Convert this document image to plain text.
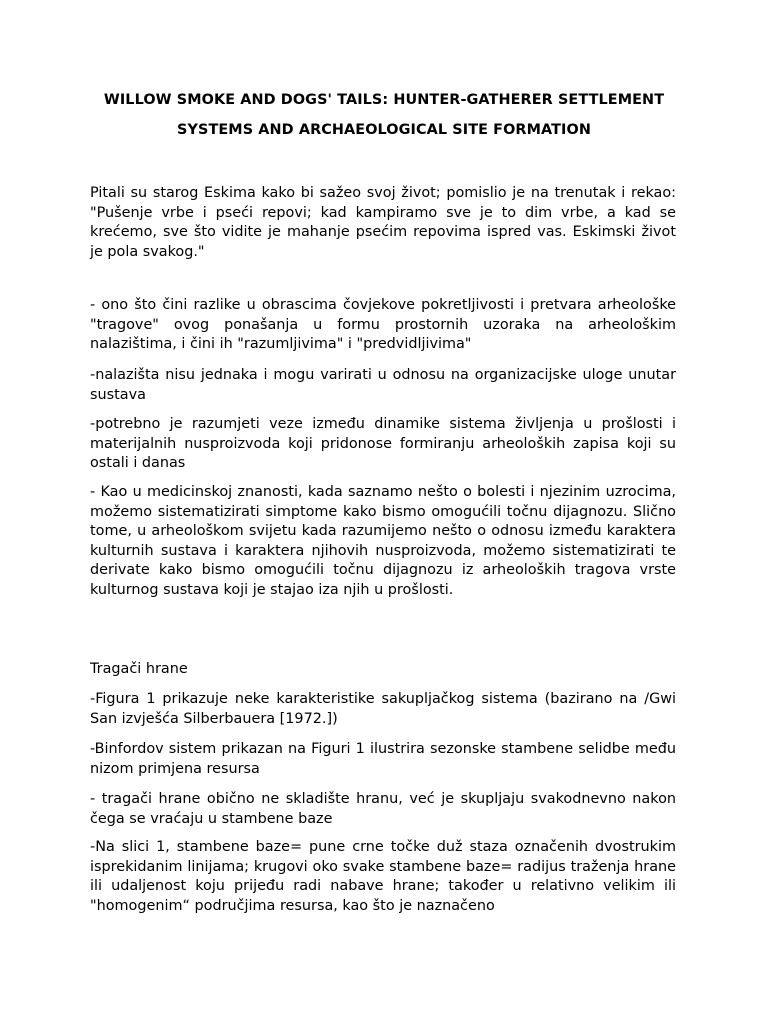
WILLOW SMOKE AND DOGS' TAILS: HUNTER-GATHERER SETTLEMENT
SYSTEMS AND ARCHAEOLOGICAL SITE FORMATION

Pitali su starog Eskima kako bi sažeo svoj život; pomislio je na trenutak i rekao: "Pušenje vrbe i pseći repovi; kad kampiramo sve je to dim vrbe, a kad se krećemo, sve što vidite je mahanje psećim repovima ispred vas. Eskimski život je pola svakog."

- ono što čini razlike u obrascima čovjekove pokretljivosti i pretvara arheološke "tragove" ovog ponašanja u formu prostornih uzoraka na arheološkim nalazištima, i čini ih "razumljivima" i "predvidljivima"

-nalazišta nisu jednaka i mogu varirati u odnosu na organizacijske uloge unutar sustava

-potrebno je razumjeti veze između dinamike sistema življenja u prošlosti i materijalnih nusproizvoda koji pridonose formiranju arheoloških zapisa koji su ostali i danas

- Kao u medicinskoj znanosti, kada saznamo nešto o bolesti i njezinim uzrocima, možemo sistematizirati simptome kako bismo omogućili točnu dijagnozu. Slično tome, u arheološkom svijetu kada razumijemo nešto o odnosu između karaktera kulturnih sustava i karaktera njihovih nusproizvoda, možemo sistematizirati te derivate kako bismo omogućili točnu dijagnozu iz arheoloških tragova vrste kulturnog sustava koji je stajao iza njih u prošlosti.

Tragači hrane

-Figura 1 prikazuje neke karakteristike sakupljačkog sistema (bazirano na /Gwi San izvješća Silberbauera [1972.])

-Binfordov sistem prikazan na Figuri 1 ilustrira sezonske stambene selidbe među nizom primjena resursa

- tragači hrane obično ne skladište hranu, već je skupljaju svakodnevno nakon čega se vraćaju u stambene baze

-Na slici 1, stambene baze= pune crne točke duž staza označenih dvostrukim isprekidanim linijama; krugovi oko svake stambene baze= radijus traženja hrane ili udaljenost koju prijeđu radi nabave hrane; također u relativno velikim ili "homogenim“ područjima resursa, kao što je naznačeno
